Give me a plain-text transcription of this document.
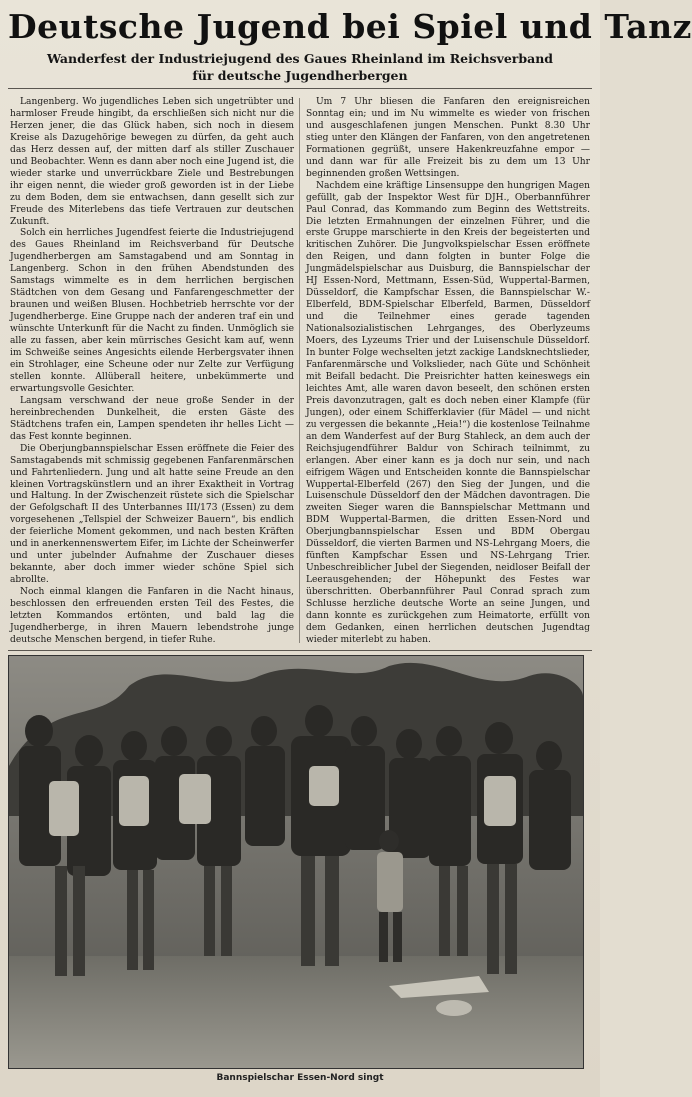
Deutsche Jugend bei Spiel und Tanz
Wanderfest der Industriejugend des Gaues Rheinland im Reichsverband
für deutsche Jugendherbergen

Langenberg. Wo jugendliches Leben sich ungetrübter und harmloser Freude hingibt, da erschließen sich nicht nur die Herzen jener, die das Glück haben, sich noch in diesem Kreise als Dazugehörige bewegen zu dürfen, da geht auch das Herz dessen auf, der mitten darf als stiller Zuschauer und Beobachter. Wenn es dann aber noch eine Jugend ist, die wieder starke und unverrückbare Ziele und Bestrebungen ihr eigen nennt, die wieder groß geworden ist in der Liebe zu dem Boden, dem sie entwachsen, dann gesellt sich zur Freude des Miterlebens das tiefe Vertrauen zur deutschen Zukunft.

Solch ein herrliches Jugendfest feierte die Industriejugend des Gaues Rheinland im Reichsverband für Deutsche Jugendherbergen am Samstagabend und am Sonntag in Langenberg. Schon in den frühen Abendstunden des Samstags wimmelte es in dem herrlichen bergischen Städtchen von dem Gesang und Fanfarengeschmetter der braunen und weißen Blusen. Hochbetrieb herrschte vor der Jugendherberge. Eine Gruppe nach der anderen traf ein und wünschte Unterkunft für die Nacht zu finden. Unmöglich sie alle zu fassen, aber kein mürrisches Gesicht kam auf, wenn im Schweiße seines Angesichts eilende Herbergsvater ihnen ein Strohlager, eine Scheune oder nur Zelte zur Verfügung stellen konnte. Allüberall heitere, unbekümmerte und erwartungsvolle Gesichter.

Langsam verschwand der neue große Sender in der hereinbrechenden Dunkelheit, die ersten Gäste des Städtchens trafen ein, Lampen spendeten ihr helles Licht — das Fest konnte beginnen.

Die Oberjungbannspielschar Essen eröffnete die Feier des Samstagabends mit schmissig gegebenen Fanfarenmärschen und Fahrtenliedern. Jung und alt hatte seine Freude an den kleinen Vortragskünstlern und an ihrer Exaktheit in Vortrag und Haltung. In der Zwischenzeit rüstete sich die Spielschar der Gefolgschaft II des Unterbannes III/173 (Essen) zu dem vorgesehenen „Tellspiel der Schweizer Bauern“, bis endlich der feierliche Moment gekommen, und nach besten Kräften und in anerkennenswertem Eifer, im Lichte der Scheinwerfer und unter jubelnder Aufnahme der Zuschauer dieses bekannte, aber doch immer wieder schöne Spiel sich abrollte.

Noch einmal klangen die Fanfaren in die Nacht hinaus, beschlossen den erfreuenden ersten Teil des Festes, die letzten Kommandos ertönten, und bald lag die Jugendherberge, in ihren Mauern lebendstrohe junge deutsche Menschen bergend, in tiefer Ruhe.

Um 7 Uhr bliesen die Fanfaren den ereignisreichen Sonntag ein; und im Nu wimmelte es wieder von frischen und ausgeschlafenen jungen Menschen. Punkt 8.30 Uhr stieg unter den Klängen der Fanfaren, von den angetretenen Formationen gegrüßt, unsere Hakenkreuzfahne empor — und dann war für alle Freizeit bis zu dem um 13 Uhr beginnenden großen Wettsingen.

Nachdem eine kräftige Linsensuppe den hungrigen Magen gefüllt, gab der Inspektor West für DJH., Oberbannführer Paul Conrad, das Kommando zum Beginn des Wettstreits. Die letzten Ermahnungen der einzelnen Führer, und die erste Gruppe marschierte in den Kreis der begeisterten und kritischen Zuhörer. Die Jungvolkspielschar Essen eröffnete den Reigen, und dann folgten in bunter Folge die Jungmädelspielschar aus Duisburg, die Bannspielschar der HJ Essen-Nord, Mettmann, Essen-Süd, Wuppertal-Barmen, Düsseldorf, die Kampfschar Essen, die Bannspielschar W.-Elberfeld, BDM-Spielschar Elberfeld, Barmen, Düsseldorf und die Teilnehmer eines gerade tagenden Nationalsozialistischen Lehrganges, des Oberlyzeums Moers, des Lyzeums Trier und der Luisenschule Düsseldorf. In bunter Folge wechselten jetzt zackige Landsknechtslieder, Fanfarenmärsche und Volkslieder, nach Güte und Schönheit mit Beifall bedacht. Die Preisrichter hatten keineswegs ein leichtes Amt, alle waren davon beseelt, den schönen ersten Preis davonzutragen, galt es doch neben einer Klampfe (für Jungen), oder einem Schifferklavier (für Mädel — und nicht zu vergessen die bekannte „Heia!“) die kostenlose Teilnahme an dem Wanderfest auf der Burg Stahleck, an dem auch der Reichsjugendführer Baldur von Schirach teilnimmt, zu erlangen. Aber einer kann es ja doch nur sein, und nach eifrigem Wägen und Entscheiden konnte die Bannspielschar Wuppertal-Elberfeld (267) den Sieg der Jungen, und die Luisenschule Düsseldorf den der Mädchen davontragen. Die zweiten Sieger waren die Bannspielschar Mettmann und BDM Wuppertal-Barmen, die dritten Essen-Nord und Oberjungbannspielschar Essen und BDM Obergau Düsseldorf, die vierten Barmen und NS-Lehrgang Moers, die fünften Kampfschar Essen und NS-Lehrgang Trier. Unbeschreiblicher Jubel der Siegenden, neidloser Beifall der Leerausgehenden; der Höhepunkt des Festes war überschritten. Oberbannführer Paul Conrad sprach zum Schlusse herzliche deutsche Worte an seine Jungen, und dann konnte es zurückgehen zum Heimatorte, erfüllt von dem Gedanken, einen herrlichen deutschen Jugendtag wieder miterlebt zu haben.

Bannspielschar Essen-Nord singt
